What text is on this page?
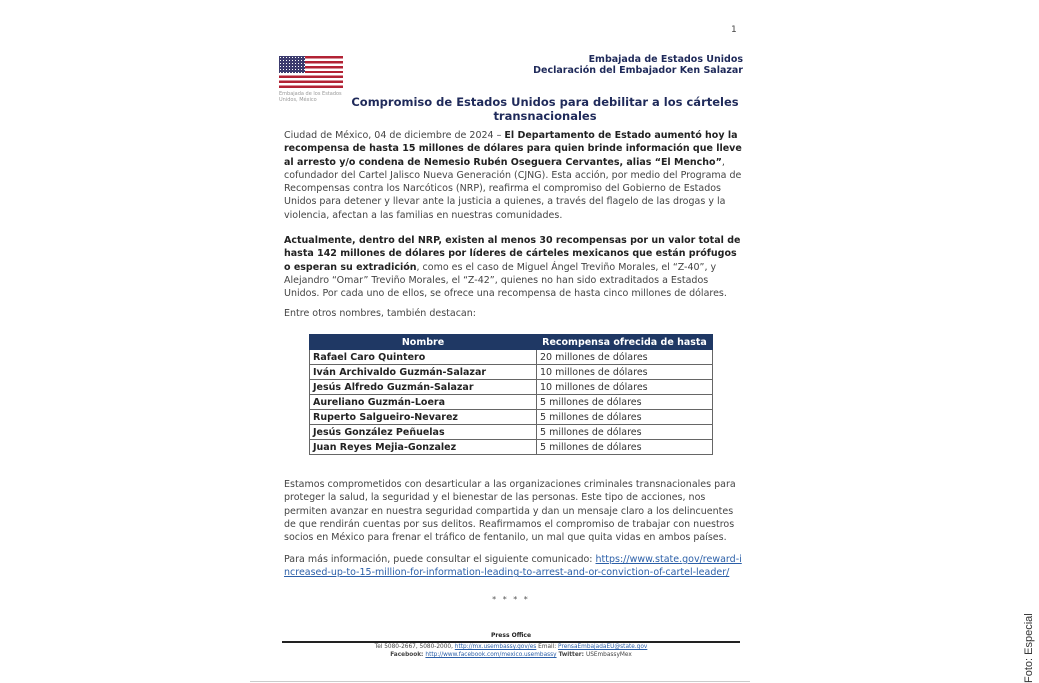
1
Embajada de los Estados Unidos, México
Embajada de Estados Unidos
Declaración del Embajador Ken Salazar
Compromiso de Estados Unidos para debilitar a los cárteles transnacionales
Ciudad de México, 04 de diciembre de 2024 – El Departamento de Estado aumentó hoy la recompensa de hasta 15 millones de dólares para quien brinde información que lleve al arresto y/o condena de Nemesio Rubén Oseguera Cervantes, alias “El Mencho”, cofundador del Cartel Jalisco Nueva Generación (CJNG). Esta acción, por medio del Programa de Recompensas contra los Narcóticos (NRP), reafirma el compromiso del Gobierno de Estados Unidos para detener y llevar ante la justicia a quienes, a través del flagelo de las drogas y la violencia, afectan a las familias en nuestras comunidades.
Actualmente, dentro del NRP, existen al menos 30 recompensas por un valor total de hasta 142 millones de dólares por líderes de cárteles mexicanos que están prófugos o esperan su extradición, como es el caso de Miguel Ángel Treviño Morales, el “Z-40”, y Alejandro “Omar” Treviño Morales, el “Z-42”, quienes no han sido extraditados a Estados Unidos. Por cada uno de ellos, se ofrece una recompensa de hasta cinco millones de dólares.
Entre otros nombres, también destacan:
Nombre	Recompensa ofrecida de hasta
Rafael Caro Quintero	20 millones de dólares
Iván Archivaldo Guzmán-Salazar	10 millones de dólares
Jesús Alfredo Guzmán-Salazar	10 millones de dólares
Aureliano Guzmán-Loera	5 millones de dólares
Ruperto Salgueiro-Nevarez	5 millones de dólares
Jesús González Peñuelas	5 millones de dólares
Juan Reyes Mejia-Gonzalez	5 millones de dólares
Estamos comprometidos con desarticular a las organizaciones criminales transnacionales para proteger la salud, la seguridad y el bienestar de las personas. Este tipo de acciones, nos permiten avanzar en nuestra seguridad compartida y dan un mensaje claro a los delincuentes de que rendirán cuentas por sus delitos. Reafirmamos el compromiso de trabajar con nuestros socios en México para frenar el tráfico de fentanilo, un mal que quita vidas en ambos países.
Para más información, puede consultar el siguiente comunicado: https://www.state.gov/reward-increased-up-to-15-million-for-information-leading-to-arrest-and-or-conviction-of-cartel-leader/
* * * *
Press Office
Tel 5080-2667, 5080-2000, http://mx.usembassy.gov/es Email: PrensaEmbajadaEU@state.gov
Facebook: http://www.facebook.com/mexico.usembassy Twitter: USEmbassyMex	Foto: Especial
